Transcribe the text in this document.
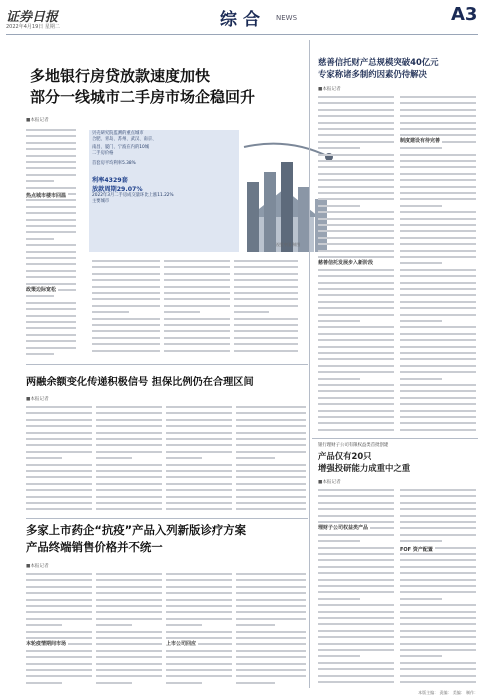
证券日报
2022年4月19日 星期二	综合 NEWS	A3
多地银行房贷放款速度加快
部分一线城市二手房市场企稳回升
■本报记者
贝壳研究院监测的重点城市
合肥、青岛、苏州、武汉、南京、
南昌、厦门、宁波在内的10城
二手房价格
首套房平均利率5.38%
利率4329套
放款周期29.07%
2022年3月二手房成交量环比上涨11.22%
主要城市
视觉中国 制图
热点城市楼市回温
政策边际宽松
慈善信托财产总规模突破40亿元
专家称诸多制约因素仍待解决
■本报记者
慈善信托发展步入新阶段
制度建设有待完善
银行理财子公司有限权益类首批创建
产品仅有20只
增强投研能力成重中之重
■本报记者
理财子公司权益类产品
FOF 资产配置
两融余额变化传递积极信号 担保比例仍在合理区间
■本报记者
多家上市药企“抗疫”产品入列新版诊疗方案
产品终端销售价格并不统一
■本报记者
本轮疫情期间市场	上市公司回应
本版主编： 责编： 美编： 制作：
